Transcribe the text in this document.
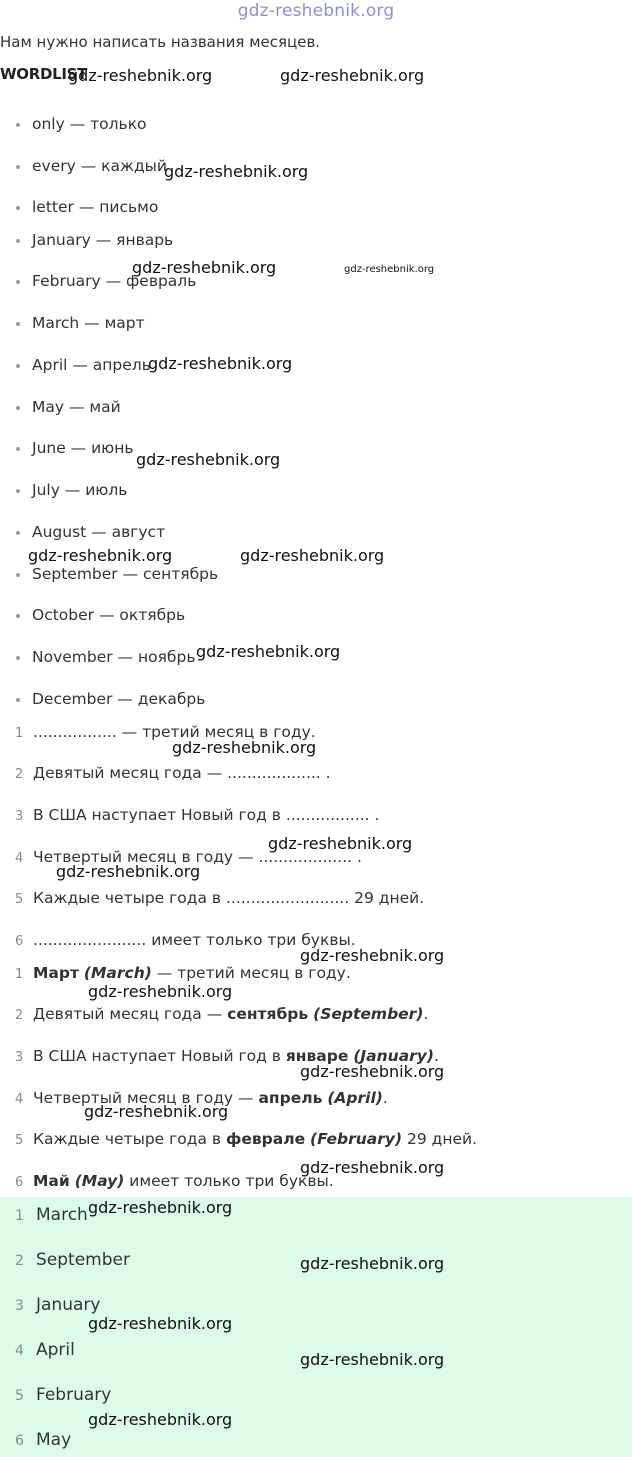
gdz-reshebnik.org
Нам нужно написать названия месяцев.
WORDLIST
only — только
every — каждый
letter — письмо
January — январь
February — февраль
March — март
April — апрель
May — май
June — июнь
July — июль
August — август
September — сентябрь
October — октябрь
November — ноябрь
December — декабрь
1 ................. — третий месяц в году.
2 Девятый месяц года — ................... .
3 В США наступает Новый год в ................. .
4 Четвертый месяц в году — ................... .
5 Каждые четыре года в ......................... 29 дней.
6 ....................... имеет только три буквы.
1 Март (March) — третий месяц в году.
2 Девятый месяц года — сентябрь (September).
3 В США наступает Новый год в январе (January).
4 Четвертый месяц в году — апрель (April).
5 Каждые четыре года в феврале (February) 29 дней.
6 Май (May) имеет только три буквы.
1 March
2 September
3 January
4 April
5 February
6 May
gdz-reshebnik.org	gdz-reshebnik.org
gdz-reshebnik.org
gdz-reshebnik.org	gdz-reshebnik.org
gdz-reshebnik.org
gdz-reshebnik.org
gdz-reshebnik.org	gdz-reshebnik.org
gdz-reshebnik.org
gdz-reshebnik.org
gdz-reshebnik.org
gdz-reshebnik.org
gdz-reshebnik.org
gdz-reshebnik.org
gdz-reshebnik.org
gdz-reshebnik.org
gdz-reshebnik.org
gdz-reshebnik.org
gdz-reshebnik.org
gdz-reshebnik.org
gdz-reshebnik.org
gdz-reshebnik.org
